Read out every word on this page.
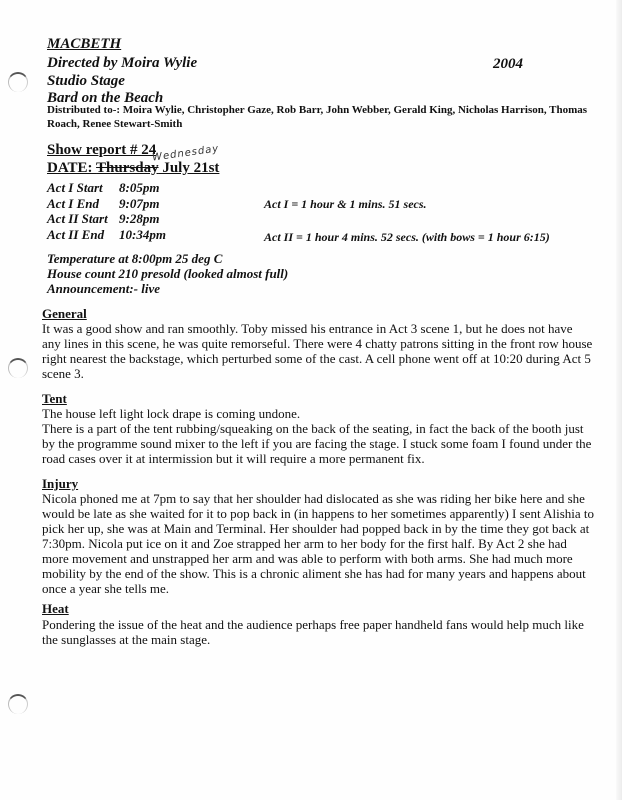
MACBETH
Directed by Moira Wylie
Studio Stage
Bard on the Beach
2004
Distributed to-: Moira Wylie, Christopher Gaze, Rob Barr, John Webber, Gerald King, Nicholas Harrison, Thomas Roach, Renee Stewart-Smith
Show report # 24
DATE: Thursday July 21st
Wednesday
Act I Start	8:05pm
Act I End	9:07pm
Act II Start 9:28pm
Act II End	10:34pm
Act I = 1 hour & 1 mins. 51 secs.
Act II = 1 hour 4 mins. 52 secs. (with bows = 1 hour 6:15)
Temperature at 8:00pm 25 deg C
House count 210 presold (looked almost full)
Announcement:- live
General
It was a good show and ran smoothly. Toby missed his entrance in Act 3 scene 1, but he does not have
any lines in this scene, he was quite remorseful. There were 4 chatty patrons sitting in the front row house
right nearest the backstage, which perturbed some of the cast. A cell phone went off at 10:20 during Act 5
scene 3.
Tent
The house left light lock drape is coming undone.
There is a part of the tent rubbing/squeaking on the back of the seating, in fact the back of the booth just
by the programme sound mixer to the left if you are facing the stage. I stuck some foam I found under the
road cases over it at intermission but it will require a more permanent fix.
Injury
Nicola phoned me at 7pm to say that her shoulder had dislocated as she was riding her bike here and she
would be late as she waited for it to pop back in (in happens to her sometimes apparently) I sent Alishia to
pick her up, she was at Main and Terminal. Her shoulder had popped back in by the time they got back at
7:30pm. Nicola put ice on it and Zoe strapped her arm to her body for the first half. By Act 2 she had
more movement and unstrapped her arm and was able to perform with both arms. She had much more
mobility by the end of the show. This is a chronic aliment she has had for many years and happens about
once a year she tells me.
Heat
Pondering the issue of the heat and the audience perhaps free paper handheld fans would help much like
the sunglasses at the main stage.
